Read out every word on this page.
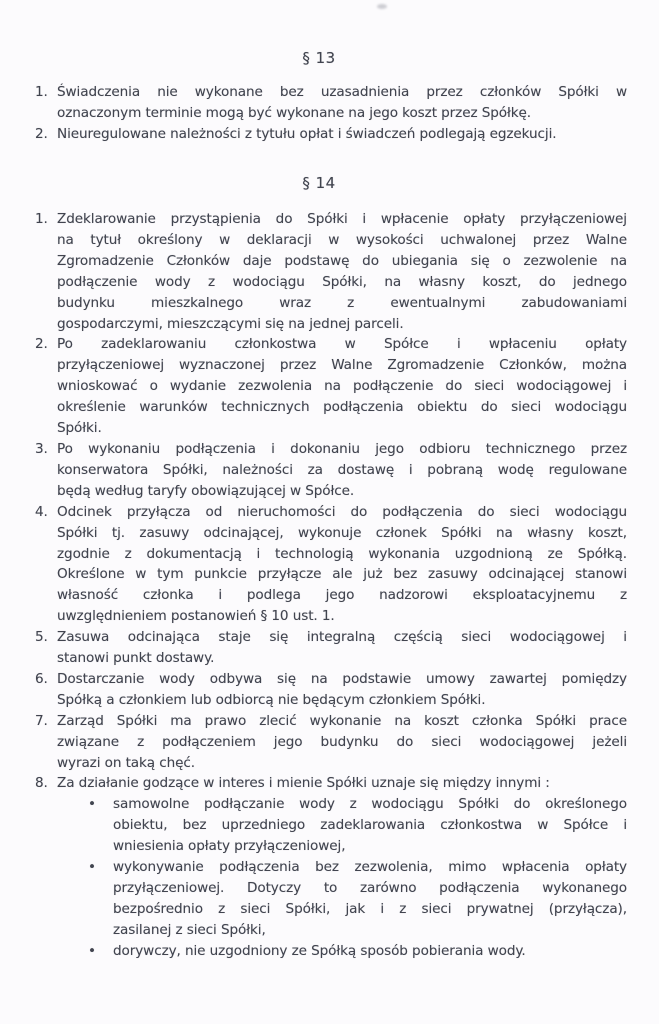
§ 13
1. Świadczenia nie wykonane bez uzasadnienia przez członków Spółki w
oznaczonym terminie mogą być wykonane na jego koszt przez Spółkę.
2. Nieuregulowane należności z tytułu opłat i świadczeń podlegają egzekucji.
§ 14
1. Zdeklarowanie przystąpienia do Spółki i wpłacenie opłaty przyłączeniowej
na tytuł określony w deklaracji w wysokości uchwalonej przez Walne
Zgromadzenie Członków daje podstawę do ubiegania się o zezwolenie na
podłączenie wody z wodociągu Spółki, na własny koszt, do jednego
budynku mieszkalnego wraz z ewentualnymi zabudowaniami
gospodarczymi, mieszczącymi się na jednej parceli.
2. Po zadeklarowaniu członkostwa w Spółce i wpłaceniu opłaty
przyłączeniowej wyznaczonej przez Walne Zgromadzenie Członków, można
wnioskować o wydanie zezwolenia na podłączenie do sieci wodociągowej i
określenie warunków technicznych podłączenia obiektu do sieci wodociągu
Spółki.
3. Po wykonaniu podłączenia i dokonaniu jego odbioru technicznego przez
konserwatora Spółki, należności za dostawę i pobraną wodę regulowane
będą według taryfy obowiązującej w Spółce.
4. Odcinek przyłącza od nieruchomości do podłączenia do sieci wodociągu
Spółki tj. zasuwy odcinającej, wykonuje członek Spółki na własny koszt,
zgodnie z dokumentacją i technologią wykonania uzgodnioną ze Spółką.
Określone w tym punkcie przyłącze ale już bez zasuwy odcinającej stanowi
własność członka i podlega jego nadzorowi eksploatacyjnemu z
uwzględnieniem postanowień § 10 ust. 1.
5. Zasuwa odcinająca staje się integralną częścią sieci wodociągowej i
stanowi punkt dostawy.
6. Dostarczanie wody odbywa się na podstawie umowy zawartej pomiędzy
Spółką a członkiem lub odbiorcą nie będącym członkiem Spółki.
7. Zarząd Spółki ma prawo zlecić wykonanie na koszt członka Spółki prace
związane z podłączeniem jego budynku do sieci wodociągowej jeżeli
wyrazi on taką chęć.
8. Za działanie godzące w interes i mienie Spółki uznaje się między innymi :
•	samowolne podłączanie wody z wodociągu Spółki do określonego
obiektu, bez uprzedniego zadeklarowania członkostwa w Spółce i
wniesienia opłaty przyłączeniowej,
•	wykonywanie podłączenia bez zezwolenia, mimo wpłacenia opłaty
przyłączeniowej. Dotyczy to zarówno podłączenia wykonanego
bezpośrednio z sieci Spółki, jak i z sieci prywatnej (przyłącza),
zasilanej z sieci Spółki,
•	dorywczy, nie uzgodniony ze Spółką sposób pobierania wody.
